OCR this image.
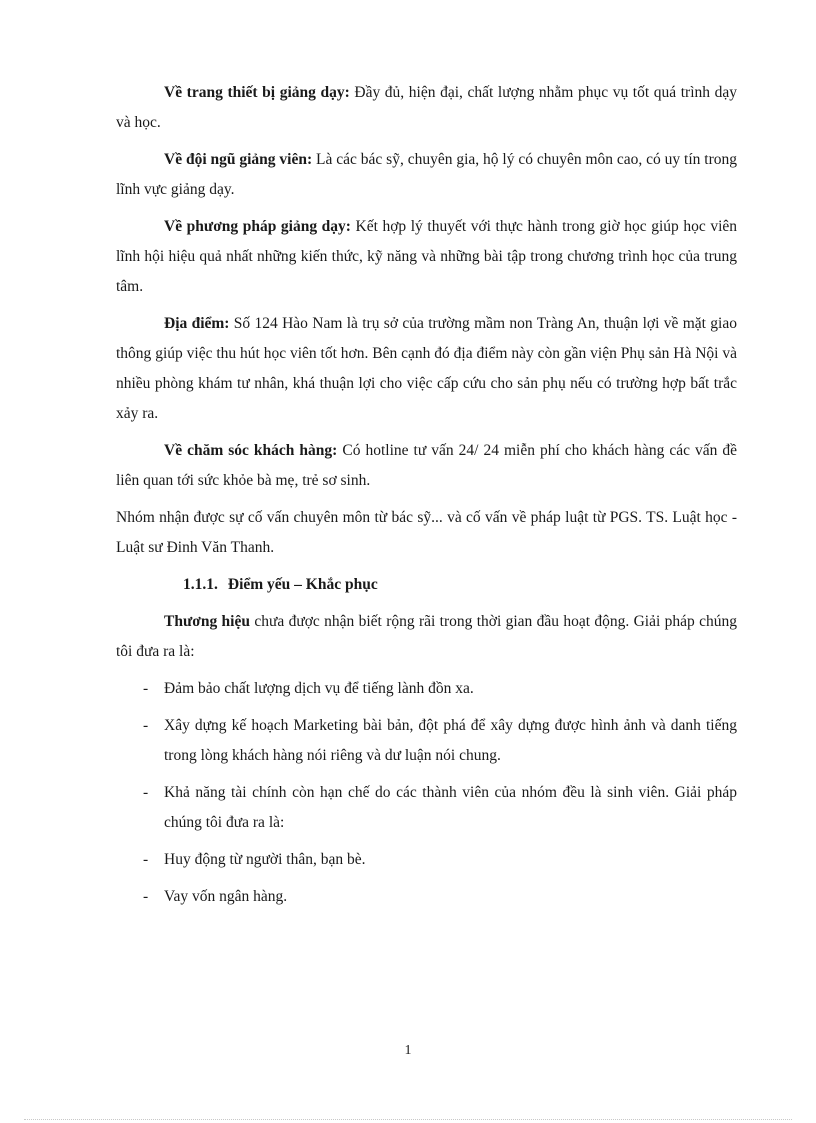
Về trang thiết bị giảng dạy: Đầy đủ, hiện đại, chất lượng nhằm phục vụ tốt quá trình dạy và học.

Về đội ngũ giảng viên: Là các bác sỹ, chuyên gia, hộ lý có chuyên môn cao, có uy tín trong lĩnh vực giảng dạy.

Về phương pháp giảng dạy: Kết hợp lý thuyết với thực hành trong giờ học giúp học viên lĩnh hội hiệu quả nhất những kiến thức, kỹ năng và những bài tập trong chương trình học của trung tâm.

Địa điểm: Số 124 Hào Nam là trụ sở của trường mầm non Tràng An, thuận lợi về mặt giao thông giúp việc thu hút học viên tốt hơn. Bên cạnh đó địa điểm này còn gần viện Phụ sản Hà Nội và nhiều phòng khám tư nhân, khá thuận lợi cho việc cấp cứu cho sản phụ nếu có trường hợp bất trắc xảy ra.

Về chăm sóc khách hàng: Có hotline tư vấn 24/ 24 miễn phí cho khách hàng các vấn đề liên quan tới sức khỏe bà mẹ, trẻ sơ sinh.

Nhóm nhận được sự cố vấn chuyên môn từ bác sỹ... và cố vấn về pháp luật từ PGS. TS. Luật học - Luật sư Đinh Văn Thanh.

1.1.1. Điểm yếu – Khắc phục

Thương hiệu chưa được nhận biết rộng rãi trong thời gian đầu hoạt động. Giải pháp chúng tôi đưa ra là:

- Đảm bảo chất lượng dịch vụ để tiếng lành đồn xa.
- Xây dựng kế hoạch Marketing bài bản, đột phá để xây dựng được hình ảnh và danh tiếng trong lòng khách hàng nói riêng và dư luận nói chung.
- Khả năng tài chính còn hạn chế do các thành viên của nhóm đều là sinh viên. Giải pháp chúng tôi đưa ra là:
- Huy động từ người thân, bạn bè.
- Vay vốn ngân hàng.
1
